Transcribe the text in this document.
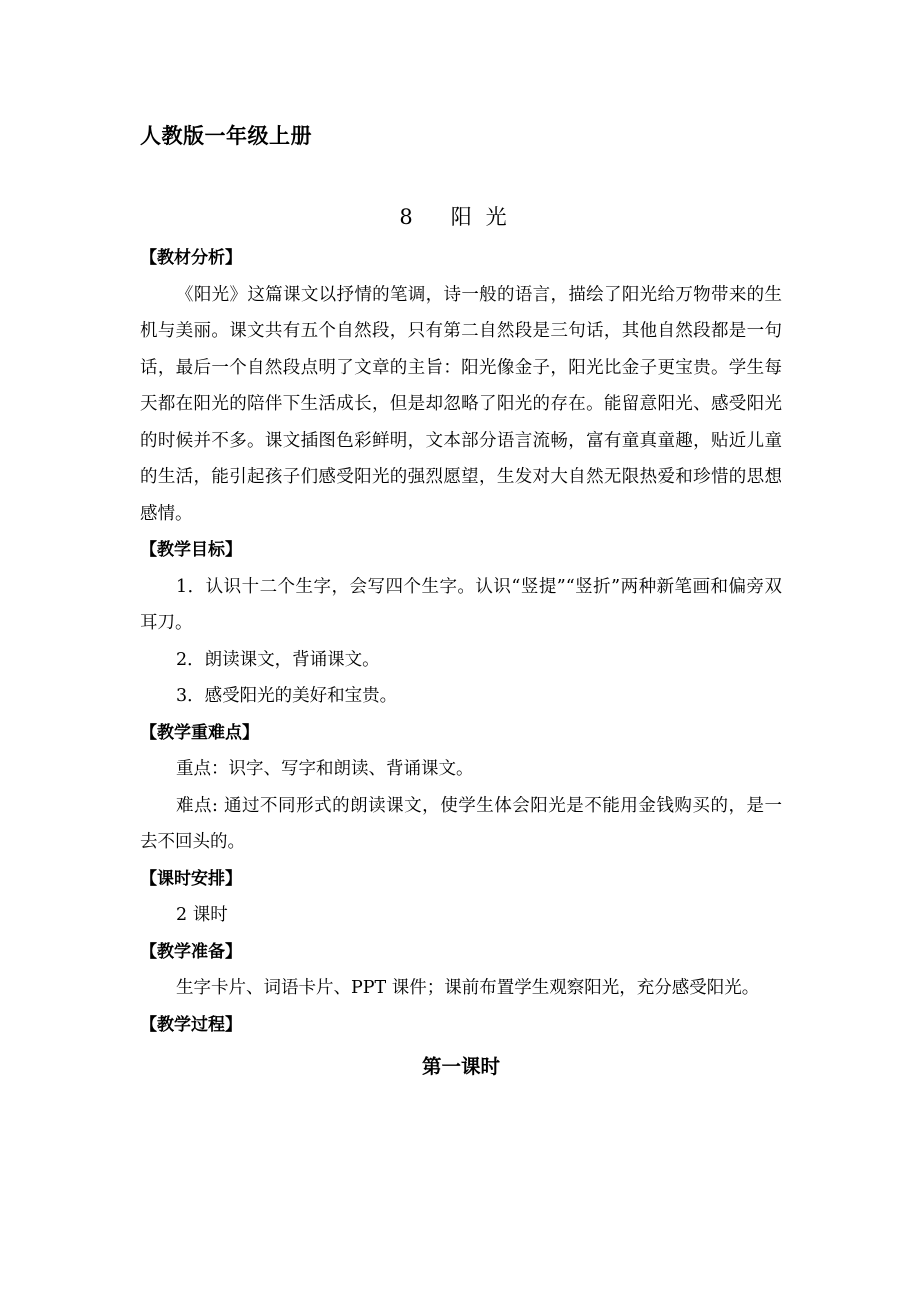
人教版一年级上册
8 阳光

【教材分析】

《阳光》这篇课文以抒情的笔调，诗一般的语言，描绘了阳光给万物带来的生机与美丽。课文共有五个自然段，只有第二自然段是三句话，其他自然段都是一句话，最后一个自然段点明了文章的主旨：阳光像金子，阳光比金子更宝贵。学生每天都在阳光的陪伴下生活成长，但是却忽略了阳光的存在。能留意阳光、感受阳光的时候并不多。课文插图色彩鲜明，文本部分语言流畅，富有童真童趣，贴近儿童的生活，能引起孩子们感受阳光的强烈愿望，生发对大自然无限热爱和珍惜的思想感情。

【教学目标】

1．认识十二个生字，会写四个生字。认识“竖提”“竖折”两种新笔画和偏旁双耳刀。

2．朗读课文，背诵课文。

3．感受阳光的美好和宝贵。

【教学重难点】

重点：识字、写字和朗读、背诵课文。

难点: 通过不同形式的朗读课文，使学生体会阳光是不能用金钱购买的，是一去不回头的。

【课时安排】

2 课时

【教学准备】

生字卡片、词语卡片、PPT 课件；课前布置学生观察阳光，充分感受阳光。

【教学过程】

第一课时
